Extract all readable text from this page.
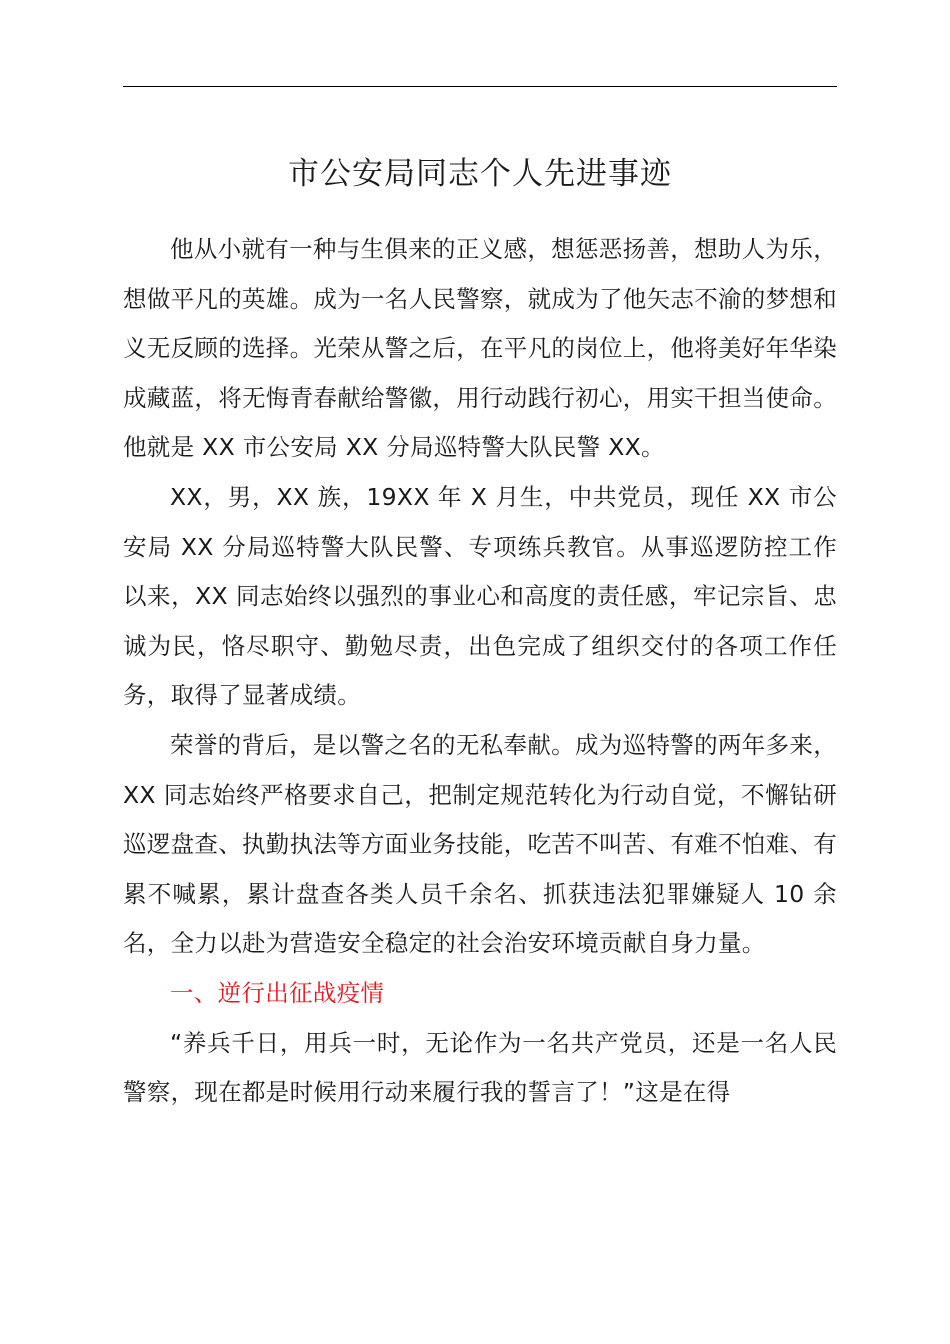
市公安局同志个人先进事迹

他从小就有一种与生俱来的正义感，想惩恶扬善，想助人为乐，想做平凡的英雄。成为一名人民警察，就成为了他矢志不渝的梦想和义无反顾的选择。光荣从警之后，在平凡的岗位上，他将美好年华染成藏蓝，将无悔青春献给警徽，用行动践行初心，用实干担当使命。他就是 XX 市公安局 XX 分局巡特警大队民警 XX。

XX，男，XX 族，19XX 年 X 月生，中共党员，现任 XX 市公安局 XX 分局巡特警大队民警、专项练兵教官。从事巡逻防控工作以来，XX 同志始终以强烈的事业心和高度的责任感，牢记宗旨、忠诚为民，恪尽职守、勤勉尽责，出色完成了组织交付的各项工作任务，取得了显著成绩。

荣誉的背后，是以警之名的无私奉献。成为巡特警的两年多来，XX 同志始终严格要求自己，把制定规范转化为行动自觉，不懈钻研巡逻盘查、执勤执法等方面业务技能，吃苦不叫苦、有难不怕难、有累不喊累，累计盘查各类人员千余名、抓获违法犯罪嫌疑人 10 余名，全力以赴为营造安全稳定的社会治安环境贡献自身力量。

一、逆行出征战疫情

“养兵千日，用兵一时，无论作为一名共产党员，还是一名人民警察，现在都是时候用行动来履行我的誓言了！”这是在得
